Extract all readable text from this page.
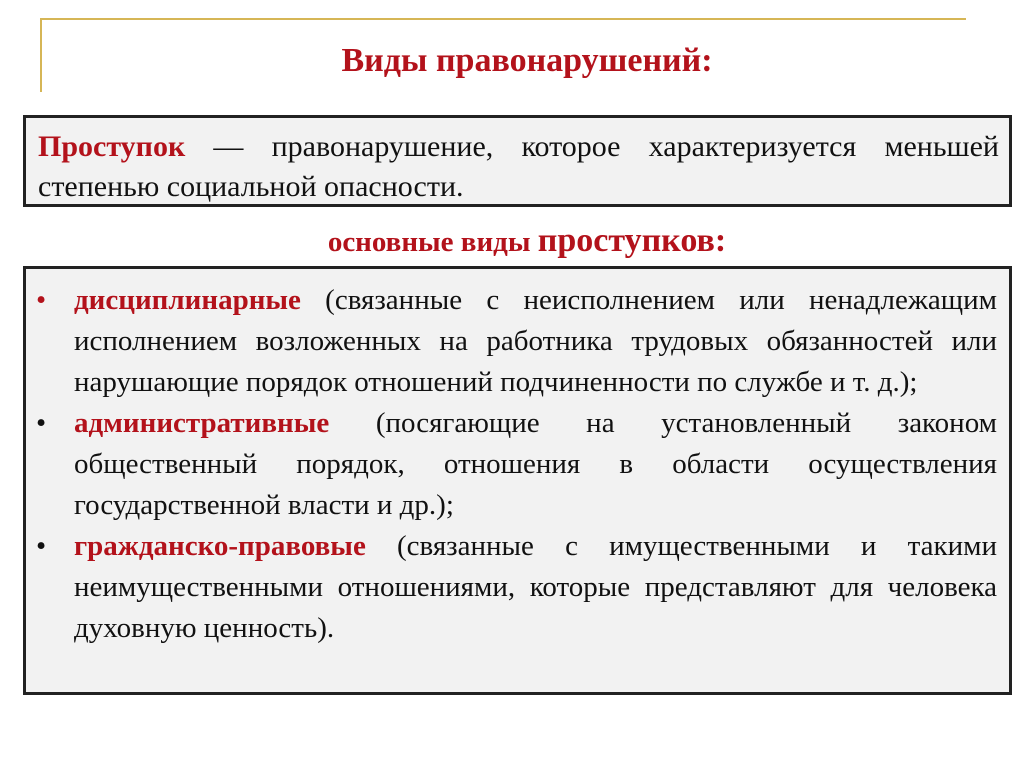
Виды правонарушений:
Проступок — правонарушение, которое характеризуется меньшей степенью социальной опасности.
основные виды проступков:
• дисциплинарные (связанные с неисполнением или ненадлежащим исполнением возложенных на работника трудовых обязанностей или нарушающие порядок отношений подчиненности по службе и т. д.);
• административные (посягающие на установленный законом общественный порядок, отношения в области осуществления государственной власти и др.);
• гражданско-правовые (связанные с имущественными и такими неимущественными отношениями, которые представляют для человека духовную ценность).
